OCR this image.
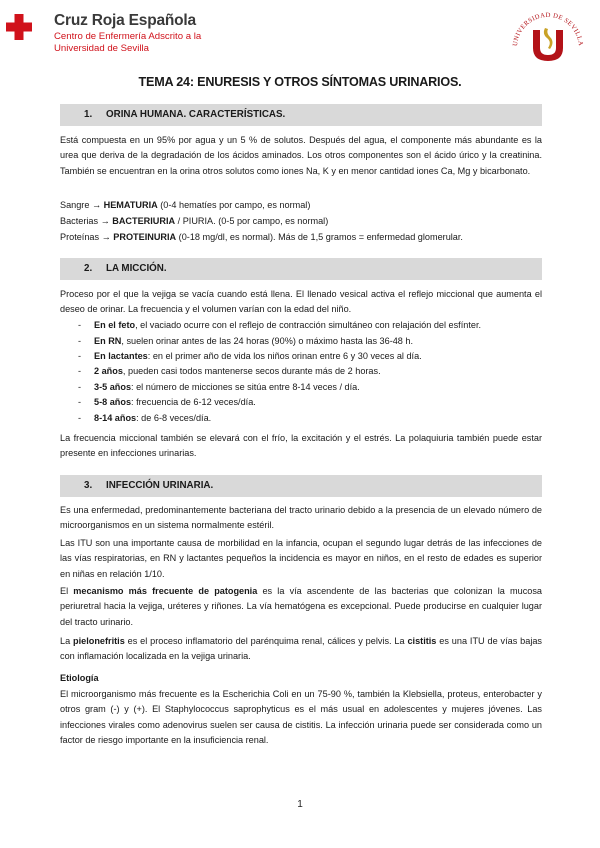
Cruz Roja Española
Centro de Enfermería Adscrito a la
Universidad de Sevilla	UNIVERSIDAD DE SEVILLA
TEMA 24: ENURESIS Y OTROS SÍNTOMAS URINARIOS.
1. ORINA HUMANA. CARACTERÍSTICAS.
Está compuesta en un 95% por agua y un 5 % de solutos. Después del agua, el componente más abundante es la urea que deriva de la degradación de los ácidos aminados. Los otros componentes son el ácido úrico y la creatinina. También se encuentran en la orina otros solutos como iones Na, K y en menor cantidad iones Ca, Mg y bicarbonato.
Sangre → HEMATURIA (0-4 hematíes por campo, es normal)
Bacterias → BACTERIURIA / PIURIA. (0-5 por campo, es normal)
Proteínas → PROTEINURIA (0-18 mg/dl, es normal). Más de 1,5 gramos = enfermedad glomerular.
2. LA MICCIÓN.
Proceso por el que la vejiga se vacía cuando está llena. El llenado vesical activa el reflejo miccional que aumenta el deseo de orinar. La frecuencia y el volumen varían con la edad del niño.
- En el feto, el vaciado ocurre con el reflejo de contracción simultáneo con relajación del esfínter.
- En RN, suelen orinar antes de las 24 horas (90%) o máximo hasta las 36-48 h.
- En lactantes: en el primer año de vida los niños orinan entre 6 y 30 veces al día.
- 2 años, pueden casi todos mantenerse secos durante más de 2 horas.
- 3-5 años: el número de micciones se sitúa entre 8-14 veces / día.
- 5-8 años: frecuencia de 6-12 veces/día.
- 8-14 años: de 6-8 veces/día.
La frecuencia miccional también se elevará con el frío, la excitación y el estrés. La polaquiuria también puede estar presente en infecciones urinarias.
3. INFECCIÓN URINARIA.
Es una enfermedad, predominantemente bacteriana del tracto urinario debido a la presencia de un elevado número de microorganismos en un sistema normalmente estéril.
Las ITU son una importante causa de morbilidad en la infancia, ocupan el segundo lugar detrás de las infecciones de las vías respiratorias, en RN y lactantes pequeños la incidencia es mayor en niños, en el resto de edades es superior en niñas en relación 1/10.
El mecanismo más frecuente de patogenia es la vía ascendente de las bacterias que colonizan la mucosa periuretral hacia la vejiga, uréteres y riñones. La vía hematógena es excepcional. Puede producirse en cualquier lugar del tracto urinario.
La pielonefritis es el proceso inflamatorio del parénquima renal, cálices y pelvis. La cistitis es una ITU de vías bajas con inflamación localizada en la vejiga urinaria.
Etiología
El microorganismo más frecuente es la Escherichia Coli en un 75-90 %, también la Klebsiella, proteus, enterobacter y otros gram (-) y (+). El Staphylococcus saprophyticus es el más usual en adolescentes y mujeres jóvenes. Las infecciones virales como adenovirus suelen ser causa de cistitis. La infección urinaria puede ser considerada como un factor de riesgo importante en la insuficiencia renal.
1
